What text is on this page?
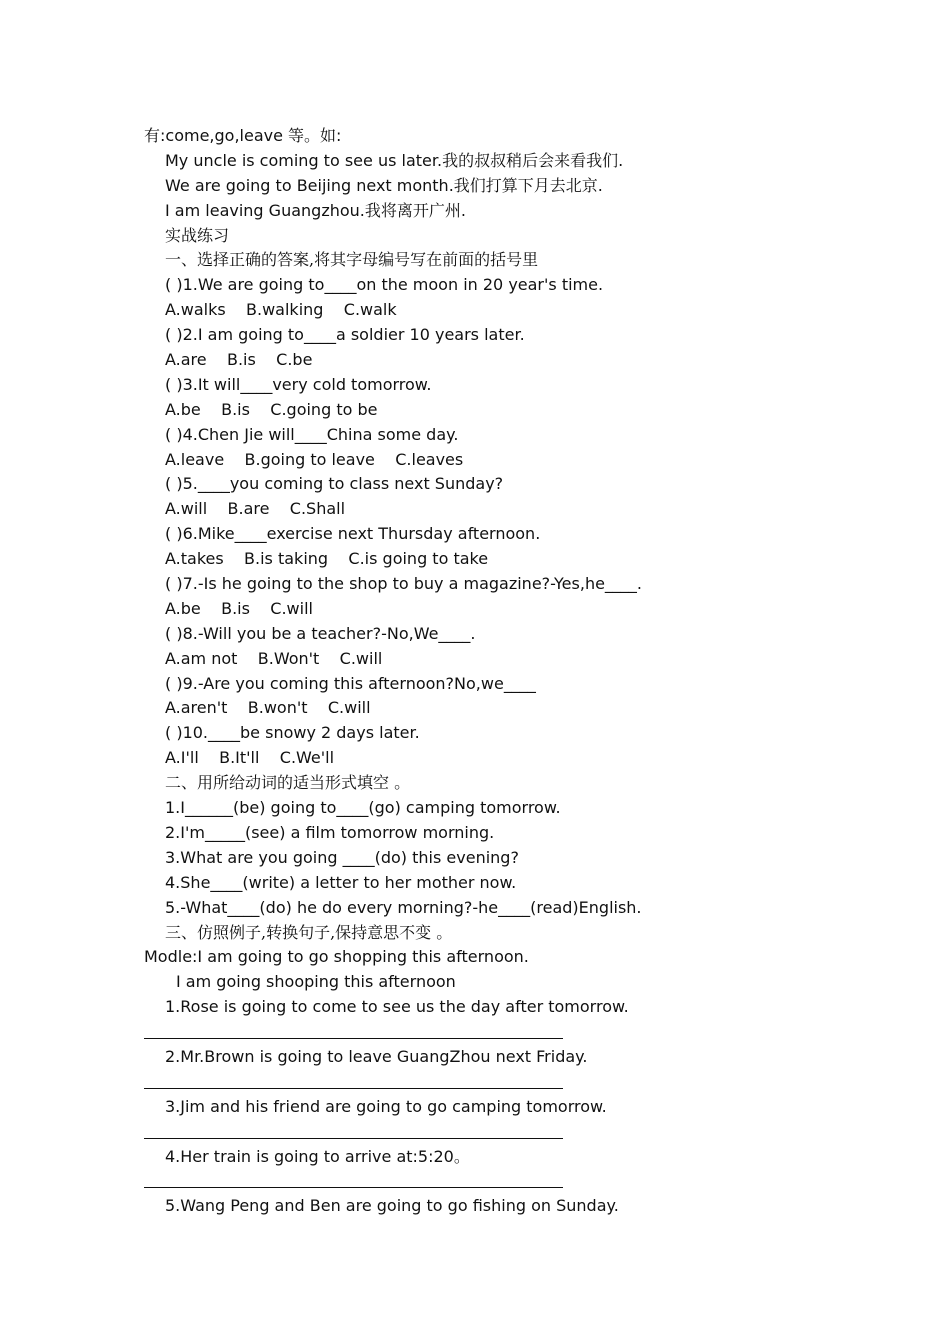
有:come,go,leave 等。如:
My uncle is coming to see us later.我的叔叔稍后会来看我们.
We are going to Beijing next month.我们打算下月去北京.
I am leaving Guangzhou.我将离开广州.
实战练习
一、选择正确的答案,将其字母编号写在前面的括号里
( )1.We are going to____on the moon in 20 year's time.
A.walks    B.walking    C.walk
( )2.I am going to____a soldier 10 years later.
A.are    B.is    C.be
( )3.It will____very cold tomorrow.
A.be    B.is    C.going to be
( )4.Chen Jie will____China some day.
A.leave    B.going to leave    C.leaves
( )5.____you coming to class next Sunday?
A.will    B.are    C.Shall
( )6.Mike____exercise next Thursday afternoon.
A.takes    B.is taking    C.is going to take
( )7.-Is he going to the shop to buy a magazine?-Yes,he____.
A.be    B.is    C.will
( )8.-Will you be a teacher?-No,We____.
A.am not    B.Won't    C.will
( )9.-Are you coming this afternoon?No,we____
A.aren't    B.won't    C.will
( )10.____be snowy 2 days later.
A.I'll    B.It'll    C.We'll
二、用所给动词的适当形式填空 。
1.I______(be) going to____(go) camping tomorrow.
2.I'm_____(see) a film tomorrow morning.
3.What are you going ____(do) this evening?
4.She____(write) a letter to her mother now.
5.-What____(do) he do every morning?-he____(read)English.
三、仿照例子,转换句子,保持意思不变 。
Modle:I am going to go shopping this afternoon.
I am going shooping this afternoon
1.Rose is going to come to see us the day after tomorrow.
2.Mr.Brown is going to leave GuangZhou next Friday.
3.Jim and his friend are going to go camping tomorrow.
4.Her train is going to arrive at:5:20。
5.Wang Peng and Ben are going to go fishing on Sunday.
